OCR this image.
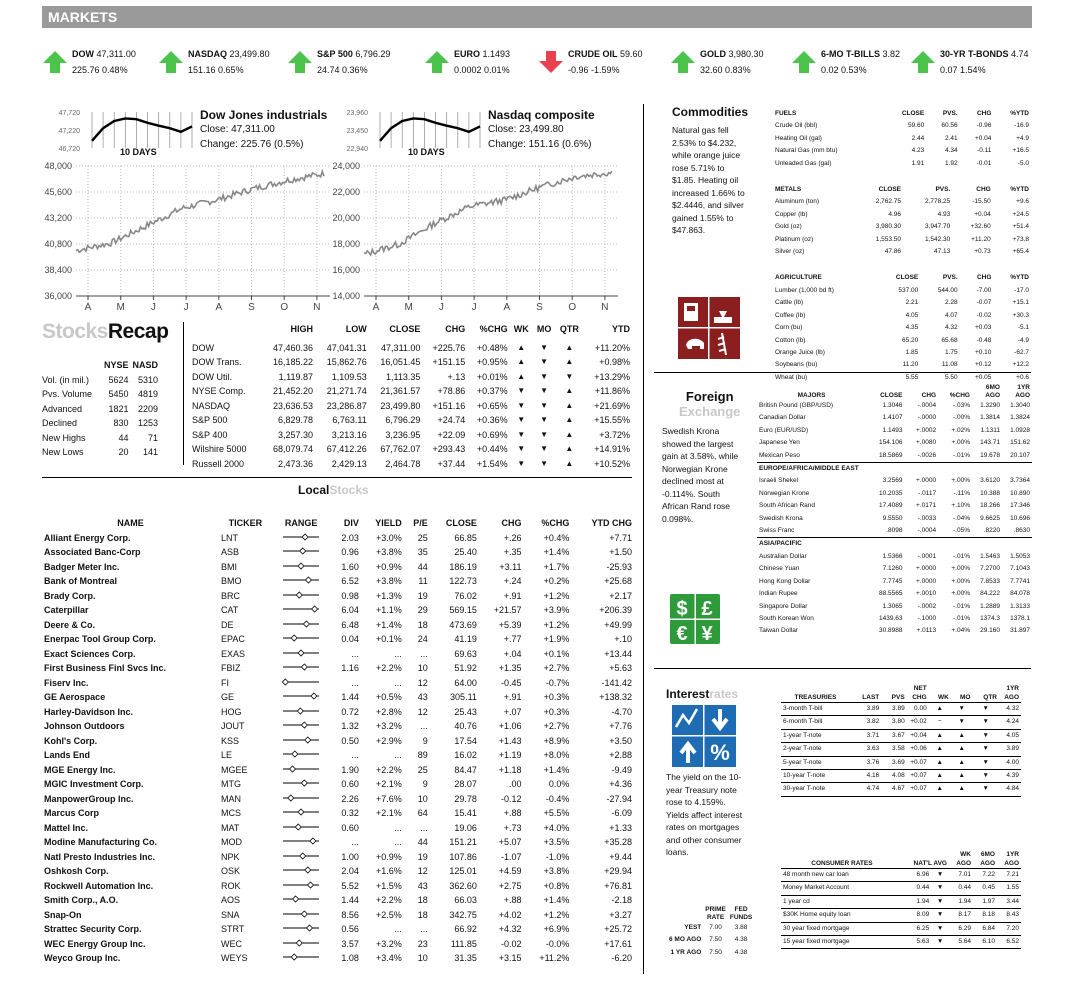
MARKETS
DOW 47,311.00
225.76 0.48%
NASDAQ 23,499.80
151.16 0.65%
S&P 500 6,796.29
24.74 0.36%
EURO 1.1493
0.0002 0.01%
CRUDE OIL 59.60
-0.96 -1.59%
GOLD 3,980.30
32.60 0.83%
6-MO T-BILLS 3.82
0.02 0.53%
30-YR T-BONDS 4.74
0.07 1.54%
48,000
45,600
43,200
40,800
38,400
36,000
A	M	J	J	A	S	O	N
47,720
47,220
46,720
Dow Jones industrials
Close: 47,311.00
Change: 225.76 (0.5%)
10 DAYS
24,000
22,000
20,000
18,000
16,000
14,000
A	M	J	J	A	S	O	N
23,960
23,450
22,940
Nasdaq composite
Close: 23,499.80
Change: 151.16 (0.6%)
10 DAYS
StocksRecap
	NYSE	NASD
Vol. (in mil.)	5624	5310
Pvs. Volume	5450	4819
Advanced	1821	2209
Declined	830	1253
New Highs	44	71
New Lows	20	141
	HIGH	LOW	CLOSE	CHG	%CHG	WK	MO	QTR	YTD

DOW	47,460.36	47,041.31	47,311.00	+225.76	+0.48%	▲	▼	▲	+11.20%
DOW Trans.	16,185.22	15,862.76	16,051.45	+151.15	+0.95%	▲	▼	▲	+0.98%
DOW Util.	1,119.87	1,109.53	1,113.35	+.13	+0.01%	▲	▼	▼	+13.29%
NYSE Comp.	21,452.20	21,271.74	21,361.57	+78.86	+0.37%	▼	▼	▲	+11.86%
NASDAQ	23,636.53	23,286.87	23,499.80	+151.16	+0.65%	▼	▼	▲	+21.69%
S&P 500	6,829.78	6,763.11	6,796.29	+24.74	+0.36%	▼	▼	▲	+15.55%
S&P 400	3,257.30	3,213.16	3,236.95	+22.09	+0.69%	▼	▼	▲	+3.72%
Wilshire 5000	68,079.74	67,412.26	67,762.07	+293.43	+0.44%	▼	▼	▲	+14.91%
Russell 2000	2,473.36	2,429.13	2,464.78	+37.44	+1.54%	▼	▼	▲	+10.52%
LocalStocks
NAME	TICKER	RANGE	DIV	YIELD	P/E	CLOSE	CHG	%CHG	YTD CHG
Alliant Energy Corp.	LNT		2.03	+3.0%	25	66.85	+.26	+0.4%	+7.71
Associated Banc-Corp	ASB		0.96	+3.8%	35	25.40	+.35	+1.4%	+1.50
Badger Meter Inc.	BMI		1.60	+0.9%	44	186.19	+3.11	+1.7%	-25.93
Bank of Montreal	BMO		6.52	+3.8%	11	122.73	+.24	+0.2%	+25.68
Brady Corp.	BRC		0.98	+1.3%	19	76.02	+.91	+1.2%	+2.17
Caterpillar	CAT		6.04	+1.1%	29	569.15	+21.57	+3.9%	+206.39
Deere & Co.	DE		6.48	+1.4%	18	473.69	+5.39	+1.2%	+49.99
Enerpac Tool Group Corp.	EPAC		0.04	+0.1%	24	41.19	+.77	+1.9%	+.10
Exact Sciences Corp.	EXAS		...	...	...	69.63	+.04	+0.1%	+13.44
First Business Finl Svcs Inc.	FBIZ		1.16	+2.2%	10	51.92	+1.35	+2.7%	+5.63
Fiserv Inc.	FI		...	...	12	64.00	-0.45	-0.7%	-141.42
GE Aerospace	GE		1.44	+0.5%	43	305.11	+.91	+0.3%	+138.32
Harley-Davidson Inc.	HOG		0.72	+2.8%	12	25.43	+.07	+0.3%	-4.70
Johnson Outdoors	JOUT		1.32	+3.2%	...	40.76	+1.06	+2.7%	+7.76
Kohl's Corp.	KSS		0.50	+2.9%	9	17.54	+1.43	+8.9%	+3.50
Lands End	LE		...	...	89	16.02	+1.19	+8.0%	+2.88
MGE Energy Inc.	MGEE		1.90	+2.2%	25	84.47	+1.18	+1.4%	-9.49
MGIC Investment Corp.	MTG		0.60	+2.1%	9	28.07	.00	0.0%	+4.36
ManpowerGroup Inc.	MAN		2.26	+7.6%	10	29.78	-0.12	-0.4%	-27.94
Marcus Corp	MCS		0.32	+2.1%	64	15.41	+.88	+5.5%	-6.09
Mattel Inc.	MAT		0.60	...	...	19.06	+.73	+4.0%	+1.33
Modine Manufacturing Co.	MOD		...	...	44	151.21	+5.07	+3.5%	+35.28
Natl Presto Industries Inc.	NPK		1.00	+0.9%	19	107.86	-1.07	-1.0%	+9.44
Oshkosh Corp.	OSK		2.04	+1.6%	12	125.01	+4.59	+3.8%	+29.94
Rockwell Automation Inc.	ROK		5.52	+1.5%	43	362.60	+2.75	+0.8%	+76.81
Smith Corp., A.O.	AOS		1.44	+2.2%	18	66.03	+.88	+1.4%	-2.18
Snap-On	SNA		8.56	+2.5%	18	342.75	+4.02	+1.2%	+3.27
Strattec Security Corp.	STRT		0.56	...	...	66.92	+4.32	+6.9%	+25.72
WEC Energy Group Inc.	WEC		3.57	+3.2%	23	111.85	-0.02	-0.0%	+17.61
Weyco Group Inc.	WEYS		1.08	+3.4%	10	31.35	+3.15	+11.2%	-6.20
Commodities
Natural gas fell 2.53% to $4.232, while orange juice rose 5.71% to $1.85. Heating oil increased 1.66% to $2.4446, and silver gained 1.55% to $47.863.
FUELS	CLOSE	PVS.	CHG	%YTD
Crude Oil (bbl)	59.60	60.56	-0.96	-16.9
Heating Oil (gal)	2.44	2.41	+0.04	+4.9
Natural Gas (mm btu)	4.23	4.34	-0.11	+16.5
Unleaded Gas (gal)	1.91	1.92	-0.01	-5.0
METALS	CLOSE	PVS.	CHG	%YTD
Aluminum (ton)	2,762.75	2,778.25	-15.50	+9.6
Copper (lb)	4.96	4.93	+0.04	+24.5
Gold (oz)	3,980.30	3,947.70	+32.60	+51.4
Platinum (oz)	1,553.50	1,542.30	+11.20	+73.8
Silver (oz)	47.86	47.13	+0.73	+65.4
AGRICULTURE	CLOSE	PVS.	CHG	%YTD
Lumber (1,000 bd ft)	537.00	544.00	-7.00	-17.0
Cattle (lb)	2.21	2.28	-0.07	+15.1
Coffee (lb)	4.05	4.07	-0.02	+30.3
Corn (bu)	4.35	4.32	+0.03	-5.1
Cotton (lb)	65.20	65.68	-0.48	-4.9
Orange Juice (lb)	1.85	1.75	+0.10	-62.7
Soybeans (bu)	11.20	11.08	+0.12	+12.2
Wheat (bu)	5.55	5.50	+0.05	+0.6
Foreign
Exchange
Swedish Krona showed the largest gain at 3.58%, while Norwegian Krone declined most at -0.114%. South African Rand rose 0.098%.
$ £
€ ¥
MAJORS	CLOSE	CHG	%CHG	6MO AGO	1YR AGO
British Pound (GBP/USD)	1.3046	-.0004	-.03%	1.3290	1.3040
Canadian Dollar	1.4107	-.0000	-.00%	1.3814	1.3824
Euro (EUR/USD)	1.1493	+.0002	+.02%	1.1311	1.0928
Japanese Yen	154.106	+.0080	+.00%	143.71	151.62
Mexican Peso	18.5869	-.0026	-.01%	19.678	20.107
EUROPE/AFRICA/MIDDLE EAST					
Israeli Shekel	3.2569	+.0000	+.00%	3.6120	3.7364
Norwegian Krone	10.2035	-.0117	-.11%	10.388	10.890
South African Rand	17.4089	+.0171	+.10%	18.266	17.346
Swedish Krona	9.5550	-.0033	-.04%	9.6625	10.696
Swiss Franc	.8098	-.0004	-.05%	.8220	.8630
ASIA/PACIFIC					
Australian Dollar	1.5366	-.0001	-.01%	1.5463	1.5053
Chinese Yuan	7.1260	+.0000	+.00%	7.2700	7.1043
Hong Kong Dollar	7.7745	+.0000	+.00%	7.8533	7.7741
Indian Rupee	88.5565	+.0010	+.00%	84.222	84.078
Singapore Dollar	1.3065	-.0002	-.01%	1.2889	1.3133
South Korean Won	1439.63	-.1000	-.01%	1374.3	1378.1
Taiwan Dollar	30.8988	+.0113	+.04%	29.160	31.897
Interestrates
%
The yield on the 10-year Treasury note rose to 4.159%. Yields affect interest rates on mortgages and other consumer loans.
	PRIME RATE	FED FUNDS
YEST	7.00	3.88
6 MO AGO	7.50	4.38
1 YR AGO	7.50	4.38
TREASURIES	LAST	PVS	NET CHG	WK	MO	QTR	1YR AGO
3-month T-bill	3.89	3.89	0.00	▲	▼	▼	4.32
6-month T-bill	3.82	3.80	+0.02	−	▼	▼	4.24
1-year T-note	3.71	3.67	+0.04	▲	▲	▼	4.05
2-year T-note	3.63	3.58	+0.06	▲	▲	▼	3.89
5-year T-note	3.76	3.69	+0.07	▲	▲	▼	4.00
10-year T-note	4.16	4.08	+0.07	▲	▲	▼	4.39
30-year T-note	4.74	4.67	+0.07	▲	▲	▼	4.84
CONSUMER RATES	NAT'L AVG		WK AGO	6MO AGO	1YR AGO
48 month new car loan	6.96	▼	7.01	7.22	7.21
Money Market Account	0.44	▼	0.44	0.45	1.55
1 year cd	1.94	▼	1.94	1.97	3.44
$30K Home equity loan	8.09	▼	8.17	8.18	8.43
30 year fixed mortgage	6.25	▼	6.29	6.84	7.20
15 year fixed mortgage	5.63	▼	5.64	6.10	6.52
